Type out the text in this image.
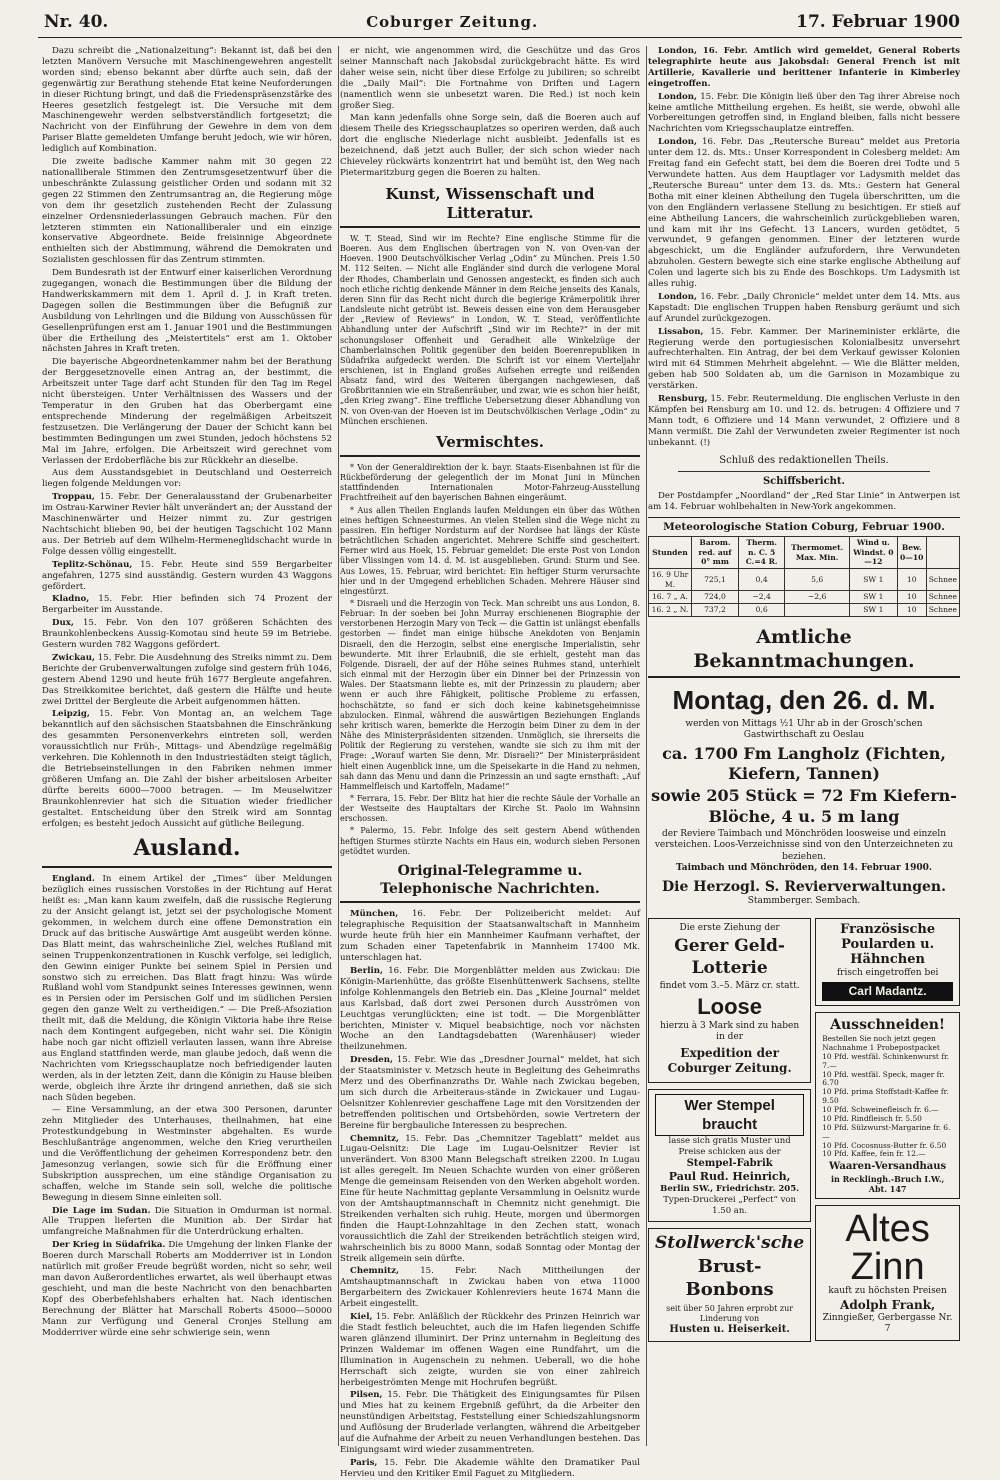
Nr. 40.	Coburger Zeitung.	17. Februar 1900

Dazu schreibt die „Nationalzeitung“: Bekannt ist, daß bei den letzten Manövern Versuche mit Maschinengewehren angestellt worden sind; ebenso bekannt aber dürfte auch sein, daß der gegenwärtig zur Berathung stehende Etat keine Neuforderungen in dieser Richtung bringt, und daß die Friedenspräsenzstärke des Heeres gesetzlich festgelegt ist. Die Versuche mit dem Maschinengewehr werden selbstverständlich fortgesetzt; die Nachricht von der Einführung der Gewehre in dem von dem Pariser Blatte gemeldeten Umfange beruht jedoch, wie wir hören, lediglich auf Kombination.

Die zweite badische Kammer nahm mit 30 gegen 22 nationalliberale Stimmen den Zentrumsgesetzentwurf über die unbeschränkte Zulassung geistlicher Orden und sodann mit 32 gegen 22 Stimmen den Zentrumsantrag an, die Regierung möge von dem ihr gesetzlich zustehenden Recht der Zulassung einzelner Ordensniederlassungen Gebrauch machen. Für den letzteren stimmten ein Nationalliberaler und ein einzige konservative Abgeordnete. Beide freisinnige Abgeordnete enthielten sich der Abstimmung, während die Demokraten und Sozialisten geschlossen für das Zentrum stimmten.

Dem Bundesrath ist der Entwurf einer kaiserlichen Verordnung zugegangen, wonach die Bestimmungen über die Bildung der Handwerkskammern mit dem 1. April d. J. in Kraft treten. Dagegen sollen die Bestimmungen über die Befugniß zur Ausbildung von Lehrlingen und die Bildung von Ausschüssen für Gesellenprüfungen erst am 1. Januar 1901 und die Bestimmungen über die Ertheilung des „Meistertitels“ erst am 1. Oktober nächsten Jahres in Kraft treten.

Die bayerische Abgeordnetenkammer nahm bei der Berathung der Berggesetznovelle einen Antrag an, der bestimmt, die Arbeitszeit unter Tage darf acht Stunden für den Tag im Regel nicht übersteigen. Unter Verhältnissen des Wassers und der Temperatur in den Gruben hat das Oberbergamt eine entsprechende Minderung der regelmäßigen Arbeitszeit festzusetzen. Die Verlängerung der Dauer der Schicht kann bei bestimmten Bedingungen um zwei Stunden, jedoch höchstens 52 Mal im Jahre, erfolgen. Die Arbeitszeit wird gerechnet vom Verlassen der Erdoberfläche bis zur Rückkehr an dieselbe.

Aus dem Ausstandsgebiet in Deutschland und Oesterreich liegen folgende Meldungen vor:

Troppau, 15. Febr. Der Generalausstand der Grubenarbeiter im Ostrau-Karwiner Revier hält unverändert an; der Ausstand der Maschinenwärter und Heizer nimmt zu. Zur gestrigen Nachtschicht blieben 90, bei der heutigen Tagschicht 102 Mann aus. Der Betrieb auf dem Wilhelm-Hermeneglidschacht wurde in Folge dessen völlig eingestellt.

Teplitz-Schönau, 15. Febr. Heute sind 559 Bergarbeiter angefahren, 1275 sind ausständig. Gestern wurden 43 Waggons gefördert.

Kladno, 15. Febr. Hier befinden sich 74 Prozent der Bergarbeiter im Ausstande.

Dux, 15. Febr. Von den 107 größeren Schächten des Braunkohlenbeckens Aussig-Komotau sind heute 59 im Betriebe. Gestern wurden 782 Waggons gefördert.

Zwickau, 15. Febr. Die Ausdehnung des Streiks nimmt zu. Dem Berichte der Grubenverwaltungen zufolge sind gestern früh 1046, gestern Abend 1290 und heute früh 1677 Bergleute angefahren. Das Streikkomitee berichtet, daß gestern die Hälfte und heute zwei Drittel der Bergleute die Arbeit aufgenommen hätten.

Leipzig, 15. Febr. Von Montag an, an welchem Tage bekanntlich auf den sächsischen Staatsbahnen die Einschränkung des gesammten Personenverkehrs eintreten soll, werden voraussichtlich nur Früh-, Mittags- und Abendzüge regelmäßig verkehren. Die Kohlennoth in den Industriestädten steigt täglich, die Betriebseinstellungen in den Fabriken nehmen immer größeren Umfang an. Die Zahl der bisher arbeitslosen Arbeiter dürfte bereits 6000—7000 betragen. — Im Meuselwitzer Braunkohlenrevier hat sich die Situation wieder friedlicher gestaltet. Entscheidung über den Streik wird am Sonntag erfolgen; es besteht jedoch Aussicht auf gütliche Beilegung.

Ausland.

England. In einem Artikel der „Times“ über Meldungen bezüglich eines russischen Vorstoßes in der Richtung auf Herat heißt es: „Man kann kaum zweifeln, daß die russische Regierung zu der Ansicht gelangt ist, jetzt sei der psychologische Moment gekommen, in welchem durch eine offene Demonstration ein Druck auf das britische Auswärtige Amt ausgeübt werden könne. Das Blatt meint, das wahrscheinliche Ziel, welches Rußland mit seinen Truppenkonzentrationen in Kuschk verfolge, sei lediglich, den Gewinn einiger Punkte bei seinem Spiel in Persien und sonstwo sich zu erreichen. Das Blatt fragt hinzu: Was würde Rußland wohl vom Standpunkt seines Interesses gewinnen, wenn es in Persien oder im Persischen Golf und im südlichen Persien gegen den ganze Welt zu vertheidigen.“ — Die Preß-Afsoziation theilt mit, daß die Meldung, die Königin Viktoria habe ihre Reise nach dem Kontingent aufgegeben, nicht wahr sei. Die Königin habe noch gar nicht offiziell verlauten lassen, wann ihre Abreise aus England stattfinden werde, man glaube jedoch, daß wenn die Nachrichten vom Kriegsschauplatze noch befriedigender lauten werden, als in der letzten Zeit, dann die Königin zu Hause bleiben werde, obgleich ihre Ärzte ihr dringend anriethen, daß sie sich nach Süden begeben.

— Eine Versammlung, an der etwa 300 Personen, darunter zehn Mitglieder des Unterhauses, theilnahmen, hat eine Protestkundgebung in Westminster abgehalten. Es wurde Beschlußanträge angenommen, welche den Krieg verurtheilen und die Veröffentlichung der geheimen Korrespondenz betr. den Jamesonzug verlangen, sowie sich für die Eröffnung einer Subskription aussprechen, um eine ständige Organisation zu schaffen, welche im Stande sein soll, welche die politische Bewegung in diesem Sinne einleiten soll.

Die Lage im Sudan. Die Situation in Omdurman ist normal. Alle Truppen lieferten die Munition ab. Der Sirdar hat umfangreiche Maßnahmen für die Unterdrückung erhalten.

Der Krieg in Südafrika. Die Umgehung der linken Flanke der Boeren durch Marschall Roberts am Modderriver ist in London natürlich mit großer Freude begrüßt worden, nicht so sehr, weil man davon Außerordentliches erwartet, als weil überhaupt etwas geschieht, und man die beste Nachricht von den benachbarten Kopf des Oberbefehlshabers erhalten hat. Nach identischen Berechnung der Blätter hat Marschall Roberts 45000—50000 Mann zur Verfügung und General Cronjes Stellung am Modderriver würde eine sehr schwierige sein, wenn

er nicht, wie angenommen wird, die Geschütze und das Gros seiner Mannschaft nach Jakobsdal zurückgebracht hätte. Es wird daher weise sein, nicht über diese Erfolge zu jubiliren; so schreibt die „Daily Mail“: Die Fortnahme von Driften und Lagern (namentlich wenn sie unbesetzt waren. Die Red.) ist noch kein großer Sieg.

Man kann jedenfalls ohne Sorge sein, daß die Boeren auch auf diesem Theile des Kriegsschauplatzes so operiren werden, daß auch dort die englische Niederlage nicht ausbleibt. Jedenfalls ist es bezeichnend, daß jetzt auch Buller, der sich schon wieder nach Chieveley rückwärts konzentrirt hat und bemüht ist, den Weg nach Pietermaritzburg gegen die Boeren zu halten.

Kunst, Wissenschaft und Litteratur.

W. T. Stead, Sind wir im Rechte? Eine englische Stimme für die Boeren. Aus dem Englischen übertragen von N. von Oven-van der Hoeven. 1900 Deutschvölkischer Verlag „Odin“ zu München. Preis 1.50 M. 112 Seiten. — Nicht alle Engländer sind durch die verlogene Moral der Rhodes, Chamberlain und Genossen angesteckt, es finden sich auch noch etliche richtig denkende Männer in dem Reiche jenseits des Kanals, deren Sinn für das Recht nicht durch die begierige Krämerpolitik ihrer Landsleute nicht getrübt ist. Beweis dessen eine von dem Herausgeber der „Review of Reviews“ in London, W. T. Stead, veröffentlichte Abhandlung unter der Aufschrift „Sind wir im Rechte?“ in der mit schonungsloser Offenheit und Geradheit alle Winkelzüge der Chamberlainschen Politik gegenüber den beiden Boerenrepubliken in Südafrika aufgedeckt werden. Die Schrift ist vor einem Vierteljahr erschienen, ist in England großes Aufsehen erregte und reißenden Absatz fand, wird des Weiteren übergangen nachgewiesen, daß Großbritannien wie ein Straßenräuber, und zwar, wie es schon hier heißt, „den Krieg zwang“. Eine treffliche Uebersetzung dieser Abhandlung von N. von Oven-van der Hoeven ist im Deutschvölkischen Verlage „Odin“ zu München erschienen.

Vermischtes.

* Von der Generaldirektion der k. bayr. Staats-Eisenbahnen ist für die Rückbeförderung der gelegentlich der im Monat Juni in München stattfindenden Internationalen Motor-Fahrzeug-Ausstellung Frachtfreiheit auf den bayerischen Bahnen eingeräumt.

* Aus allen Theilen Englands laufen Meldungen ein über das Wüthen eines heftigen Schneesturmes. An vielen Stellen sind die Wege nicht zu passiren. Ein heftiger Nordsturm auf der Nordsee hat längs der Küste beträchtlichen Schaden angerichtet. Mehrere Schiffe sind gescheitert. Ferner wird aus Hoek, 15. Februar gemeldet: Die erste Post von London über Vlissingen vom 14. d. M. ist ausgeblieben. Grund: Sturm und See. Aus Lowes, 15. Februar, wird berichtet: Ein heftiger Sturm verursachte hier und in der Umgegend erheblichen Schaden. Mehrere Häuser sind eingestürzt.

* Disraeli und die Herzogin von Teck. Man schreibt uns aus London, 8. Februar: In der soeben bei John Murray erschienenen Biographie der verstorbenen Herzogin Mary von Teck — die Gattin ist unlängst ebenfalls gestorben — findet man einige hübsche Anekdoten von Benjamin Disraeli, den die Herzogin, selbst eine energische Imperialistin, sehr bewunderte. Mit ihrer Erlaubniß, die sie erhielt, gesteht man das Folgende. Disraeli, der auf der Höhe seines Ruhmes stand, unterhielt sich einmal mit der Herzogin über ein Dinner bei der Prinzessin von Wales. Der Staatsmann liebte es, mit der Prinzessin zu plaudern; aber wenn er auch ihre Fähigkeit, politische Probleme zu erfassen, hochschätzte, so fand er sich doch keine kabinetsgeheimnisse abzulocken. Einmal, während die auswärtigen Beziehungen Englands sehr kritisch waren, bemerkte die Herzogin beim Diner zu dem in der Nähe des Ministerpräsidenten sitzenden. Unmöglich, sie ihrerseits die Politik der Regierung zu verstehen, wandte sie sich zu ihm mit der Frage: „Worauf warten Sie denn, Mr. Disraeli?“ Der Ministerpräsident hielt einen Augenblick inne, um die Speisekarte in die Hand zu nehmen, sah dann das Menu und dann die Prinzessin an und sagte ernsthaft: „Auf Hammelfleisch und Kartoffeln, Madame!“

* Ferrara, 15. Febr. Der Blitz hat hier die rechte Säule der Vorhalle an der Westseite des Hauptaltars der Kirche St. Paolo im Wahnsinn erschossen.

* Palermo, 15. Febr. Infolge des seit gestern Abend wüthenden heftigen Sturmes stürzte Nachts ein Haus ein, wodurch sieben Personen getödtet wurden.

Original-Telegramme u. Telephonische Nachrichten.

München, 16. Febr. Der Polizeibericht meldet: Auf telegraphische Requisition der Staatsanwaltschaft in Mannheim wurde heute früh hier ein Mannheimer Kaufmann verhaftet, der zum Schaden einer Tapetenfabrik in Mannheim 17400 Mk. unterschlagen hat.

Berlin, 16. Febr. Die Morgenblätter melden aus Zwickau: Die Königin-Marienhütte, das größte Eisenhüttenwerk Sachsens, stellte infolge Kohlenmangels den Betrieb ein. Das „Kleine Journal“ meldet aus Karlsbad, daß dort zwei Personen durch Ausströmen von Leuchtgas verunglückten; eine ist todt. — Die Morgenblätter berichten, Minister v. Miquel beabsichtige, noch vor nächsten Woche an den Landtagsdebatten (Warenhäuser) wieder theilzunehmen.

Dresden, 15. Febr. Wie das „Dresdner Journal“ meldet, hat sich der Staatsminister v. Metzsch heute in Begleitung des Geheimraths Merz und des Oberfinanzraths Dr. Wahle nach Zwickau begeben, um sich durch die Arbeiteraus-stände in Zwickauer und Lugau-Oelsnitzer Kohlenrevier geschaffene Lage mit den Vorsitzenden der betreffenden politischen und Ortsbehörden, sowie Vertretern der Bereine für bergbauliche Interessen zu besprechen.

Chemnitz, 15. Febr. Das „Chemnitzer Tageblatt“ meldet aus Lugau-Oelsnitz: Die Lage im Lugau-Oelsnitzer Revier ist unverändert. Von 8300 Mann Belegschaft streiken 2200. In Lugau ist alles geregelt. Im Neuen Schachte wurden von einer größeren Menge die gemeinsam Reisenden von den Werken abgeholt worden. Eine für heute Nachmittag geplante Versammlung in Oelsnitz wurde von der Amtshauptmannschaft in Chemnitz nicht genehmigt. Die Streikenden verhalten sich ruhig. Heute, morgen und übermorgen finden die Haupt-Lohnzahltage in den Zechen statt, wonach voraussichtlich die Zahl der Streikenden beträchtlich steigen wird, wahrscheinlich bis zu 8000 Mann, sodaß Sonntag oder Montag der Streik allgemein sein dürfte.

Chemnitz, 15. Febr. Nach Mittheilungen der Amtshauptmannschaft in Zwickau haben von etwa 11000 Bergarbeitern des Zwickauer Kohlenreviers heute 1674 Mann die Arbeit eingestellt.

Kiel, 15. Febr. Anläßlich der Rückkehr des Prinzen Heinrich war die Stadt festlich beleuchtet, auch die im Hafen liegenden Schiffe waren glänzend illuminirt. Der Prinz unternahm in Begleitung des Prinzen Waldemar im offenen Wagen eine Rundfahrt, um die Illumination in Augenschein zu nehmen. Ueberall, wo die hohe Herrschaft sich zeigte, wurden sie von einer zahlreich herbeigeströmten Menge mit Hochrufen begrüßt.

Pilsen, 15. Febr. Die Thätigkeit des Einigungsamtes für Pilsen und Mies hat zu keinem Ergebniß geführt, da die Arbeiter den neunstündigen Arbeitstag, Feststellung einer Schiedszahlungsnorm und Auflösung der Bruderlade verlangten, während die Arbeitgeber auf die Aufnahme der Arbeit zu neuen Verhandlungen bestehen. Das Einigungsamt wird wieder zusammentreten.

Paris, 15. Febr. Die Akademie wählte den Dramatiker Paul Hervieu und den Kritiker Emil Faguet zu Mitgliedern.

London, 16. Febr. Amtlich wird gemeldet, General Roberts telegraphirte heute aus Jakobsdal: General French ist mit Artillerie, Kavallerie und berittener Infanterie in Kimberley eingetroffen.

London, 15. Febr. Die Königin ließ über den Tag ihrer Abreise noch keine amtliche Mittheilung ergehen. Es heißt, sie werde, obwohl alle Vorbereitungen getroffen sind, in England bleiben, falls nicht bessere Nachrichten vom Kriegsschauplatze eintreffen.

London, 16. Febr. Das „Reutersche Bureau“ meldet aus Pretoria unter dem 12. ds. Mts.: Unser Korrespondent in Colesberg meldet: Am Freitag fand ein Gefecht statt, bei dem die Boeren drei Todte und 5 Verwundete hatten. Aus dem Hauptlager vor Ladysmith meldet das „Reutersche Bureau“ unter dem 13. ds. Mts.: Gestern hat General Botha mit einer kleinen Abtheilung den Tugela überschritten, um die von den Engländern verlassene Stellung zu besichtigen. Er stieß auf eine Abtheilung Lancers, die wahrscheinlich zurückgeblieben waren, und kam mit ihr ins Gefecht. 13 Lancers, wurden getödtet, 5 verwundet, 9 gefangen genommen. Einer der letzteren wurde abgeschickt, um die Engländer aufzufordern, ihre Verwundeten abzuholen. Gestern bewegte sich eine starke englische Abtheilung auf Colen und lagerte sich bis zu Ende des Boschkops. Um Ladysmith ist alles ruhig.

London, 16. Febr. „Daily Chronicle“ meldet unter dem 14. Mts. aus Kapstadt: Die englischen Truppen haben Rensburg geräumt und sich auf Arundel zurückgezogen.

Lissabon, 15. Febr. Kammer. Der Marineminister erklärte, die Regierung werde den portugiesischen Kolonialbesitz unversehrt aufrechterhalten. Ein Antrag, der bei dem Verkauf gewisser Kolonien wird mit 64 Stimmen Mehrheit abgelehnt. — Wie die Blätter melden, geben hab 500 Soldaten ab, um die Garnison in Mozambique zu verstärken.

Rensburg, 15. Febr. Reutermeldung. Die englischen Verluste in den Kämpfen bei Rensburg am 10. und 12. ds. betrugen: 4 Offiziere und 7 Mann todt, 6 Offiziere und 14 Mann verwundet, 2 Offiziere und 8 Mann vermißt. Die Zahl der Verwundeten zweier Regimenter ist noch unbekannt. (!)

Schluß des redaktionellen Theils.
Schiffsbericht.

Der Postdampfer „Noordland“ der „Red Star Linie“ in Antwerpen ist am 14. Februar wohlbehalten in New-York angekommen.

Meteorologische Station Coburg, Februar 1900.
Stunden	Barom. red. auf 0° mm	Therm. n. C. 5 C.=4 R.	Thermomet. Max. Min.	Wind u. Windst. 0—12	Bew. 0—10	
16. 9 Uhr M.	725,1	0,4	5,6	SW 1	10	Schnee
16. 7 „ A.	724,0	−2,4	−2,6	SW 1	10	Schnee
16. 2 „ N.	737,2	0,6		SW 1	10	Schnee
Amtliche Bekanntmachungen.
Montag, den 26. d. M.
werden von Mittags ½1 Uhr ab in der Grosch'schen Gastwirthschaft zu Oeslau
ca. 1700 Fm Langholz (Fichten, Kiefern, Tannen)
sowie 205 Stück = 72 Fm Kiefern-Blöche, 4 u. 5 m lang
der Reviere Taimbach und Mönchröden loosweise und einzeln versteichen. Loos-Verzeichnisse sind von den Unterzeichneten zu beziehen.
Taimbach und Mönchröden, den 14. Februar 1900.
Die Herzogl. S. Revierverwaltungen.
Stammberger. Sembach.
Die erste Ziehung der
Gerer Geld-Lotterie
findet vom 3.–5. März cr. statt.
Loose
hierzu à 3 Mark sind zu haben in der
Expedition der Coburger Zeitung.
Wer Stempel braucht
lasse sich gratis Muster und Preise schicken aus der
Stempel-Fabrik
Paul Rud. Heinrich,
Berlin SW., Friedrichstr. 205.
Typen-Druckerei „Perfect“ von 1.50 an.
Stollwerck'sche
Brust-Bonbons
seit über 50 Jahren erprobt zur Linderung von
Husten u. Heiserkeit.
Französische Poularden u. Hähnchen
frisch eingetroffen bei
Carl Madantz.
Ausschneiden!
Bestellen Sie noch jetzt gegen Nachnahme 1 Probepostpacket
10 Pfd. westfäl. Schinkenwurst fr. 7.—
10 Pfd. westfäl. Speck, mager fr. 6.70
10 Pfd. prima Stoffstadt-Kaffee fr. 9.50
10 Pfd. Schweinefleisch fr. 6.—
10 Pfd. Rindfleisch fr. 5.50
10 Pfd. Sülzwurst-Margarine fr. 6.—
10 Pfd. Cocosnuss-Butter fr. 6.50
10 Pfd. Kaffee, fein fr. 12.—
Waaren-Versandhaus
in Recklingh.-Bruch I.W., Abt. 147
Altes Zinn
kauft zu höchsten Preisen
Adolph Frank,
Zinngießer, Gerbergasse Nr. 7
